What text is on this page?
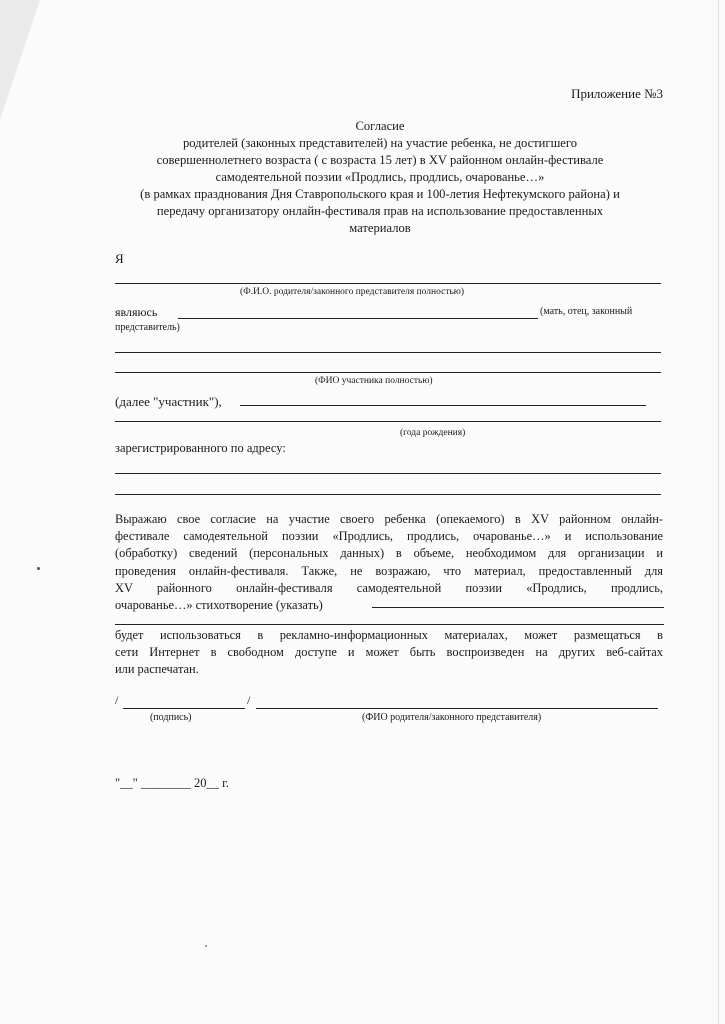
Приложение №3
Согласие
родителей (законных представителей) на участие ребенка, не достигшего
совершеннолетнего возраста ( с возраста 15 лет) в XV районном онлайн-фестивале
самодеятельной поэзии «Продлись, продлись, очарованье…»
(в рамках празднования Дня Ставропольского края и 100-летия Нефтекумского района) и
передачу организатору онлайн-фестиваля прав на использование предоставленных
материалов
Я
(Ф.И.О. родителя/законного представителя полностью)
являюсь	(мать, отец, законный
представитель)
(ФИО участника полностью)
(далее "участник"),
(года рождения)
зарегистрированного по адресу:
Выражаю свое согласие на участие своего ребенка (опекаемого) в XV районном онлайн-
фестивале самодеятельной поэзии «Продлись, продлись, очарованье…» и использование
(обработку) сведений (персональных данных) в объеме, необходимом для организации и
проведения онлайн-фестиваля. Также, не возражаю, что материал, предоставленный для
XV районного онлайн-фестиваля самодеятельной поэзии «Продлись, продлись,
очарованье…» стихотворение (указать)
будет использоваться в рекламно-информационных материалах, может размещаться в
сети Интернет в свободном доступе и может быть воспроизведен на других веб-сайтах
или распечатан.
/	/
(подпись)	(ФИО родителя/законного представителя)
"__" ________ 20__ г.
